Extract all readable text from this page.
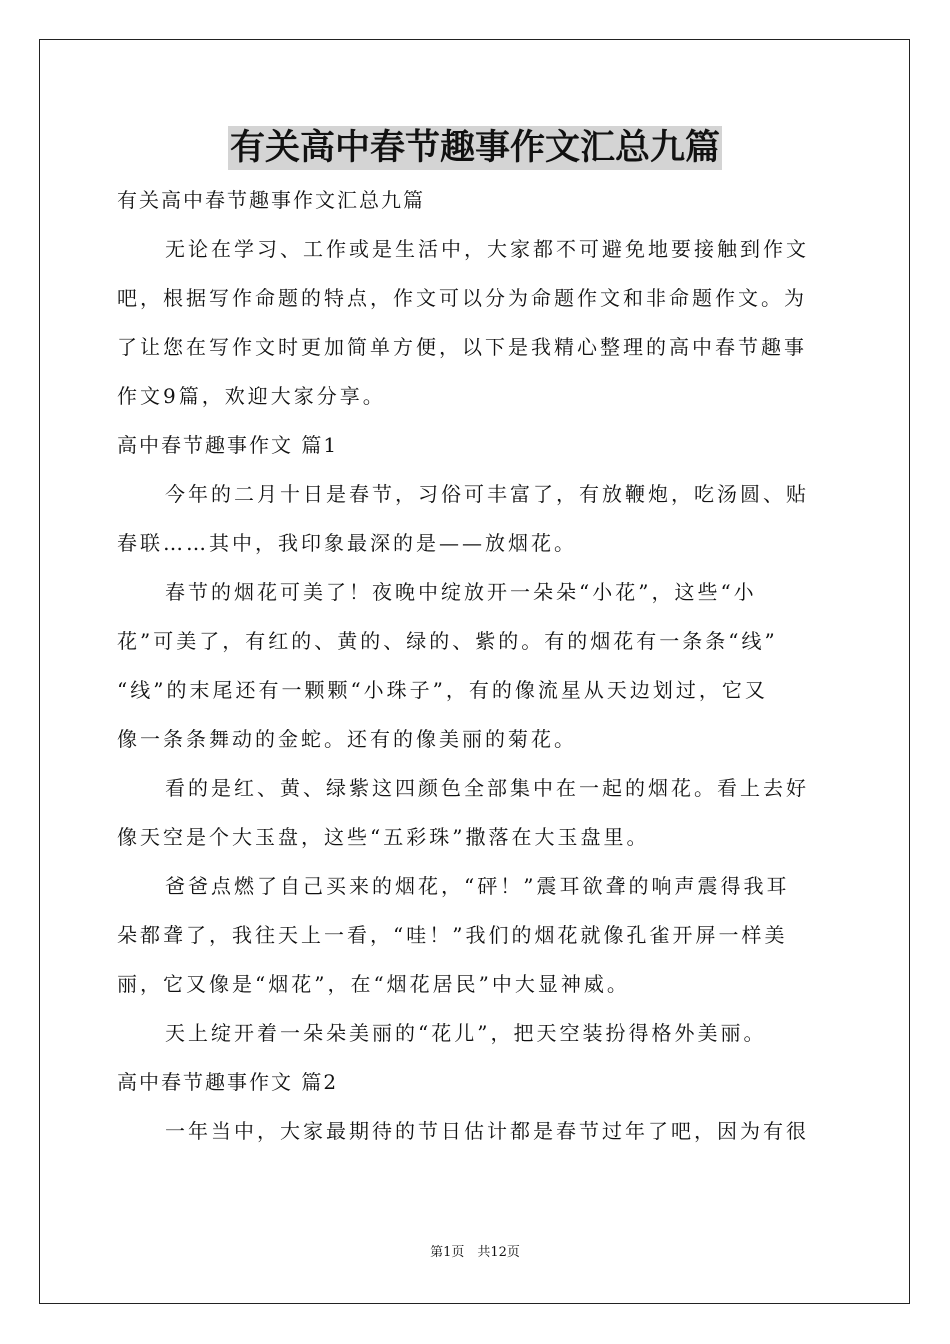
有关高中春节趣事作文汇总九篇
有关高中春节趣事作文汇总九篇
无论在学习、工作或是生活中，大家都不可避免地要接触到作文
吧，根据写作命题的特点，作文可以分为命题作文和非命题作文。为
了让您在写作文时更加简单方便，以下是我精心整理的高中春节趣事
作文9篇，欢迎大家分享。
高中春节趣事作文 篇1
今年的二月十日是春节，习俗可丰富了，有放鞭炮，吃汤圆、贴
春联……其中，我印象最深的是——放烟花。
春节的烟花可美了！夜晚中绽放开一朵朵“小花”，这些“小
花”可美了，有红的、黄的、绿的、紫的。有的烟花有一条条“线”
“线”的末尾还有一颗颗“小珠子”，有的像流星从天边划过，它又
像一条条舞动的金蛇。还有的像美丽的菊花。
看的是红、黄、绿紫这四颜色全部集中在一起的烟花。看上去好
像天空是个大玉盘，这些“五彩珠”撒落在大玉盘里。
爸爸点燃了自己买来的烟花，“砰！”震耳欲聋的响声震得我耳
朵都聋了，我往天上一看，“哇！”我们的烟花就像孔雀开屏一样美
丽，它又像是“烟花”，在“烟花居民”中大显神威。
天上绽开着一朵朵美丽的“花儿”，把天空装扮得格外美丽。
高中春节趣事作文 篇2
一年当中，大家最期待的节日估计都是春节过年了吧，因为有很
第1页　共12页
